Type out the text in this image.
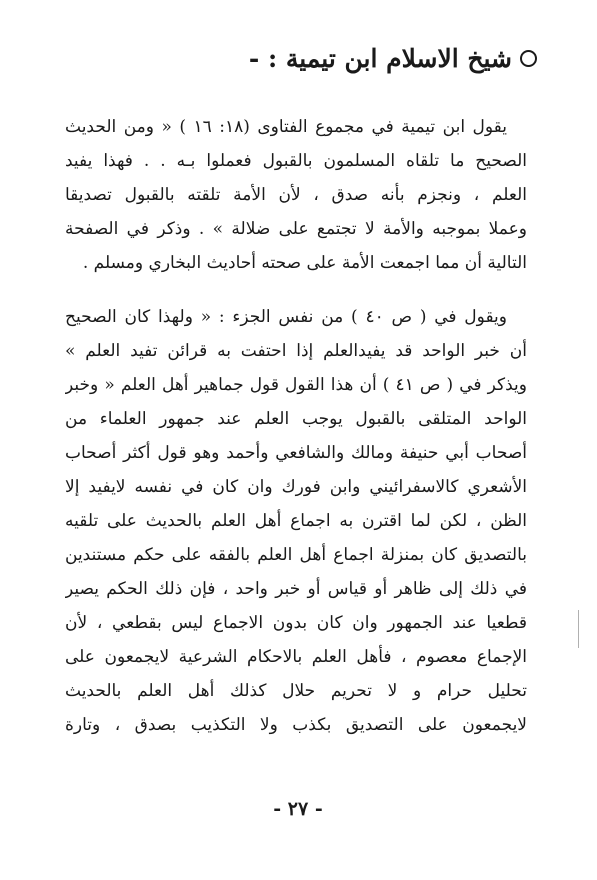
شيخ الاسلام ابن تيمية : -
يقول ابن تيمية في مجموع الفتاوى (١٨: ١٦ ) « ومن الحديث
الصحيح ما تلقاه المسلمون بالقبول فعملوا بـه . . فهذا يفيد
العلم ، ونجزم بأنه صدق ، لأن الأمة تلقته بالقبول تصديقا
وعملا بموجبه والأمة لا تجتمع على ضلالة » . وذكر في الصفحة
التالية أن مما اجمعت الأمة على صحته أحاديث البخاري ومسلم .
ويقول في ( ص ٤٠ ) من نفس الجزء : « ولهذا كان الصحيح
أن خبر الواحد قد يفيدالعلم إذا احتفت به قرائن تفيد العلم »
ويذكر في ( ص ٤١ ) أن هذا القول قول جماهير أهل العلم « وخبر
الواحد المتلقى بالقبول يوجب العلم عند جمهور العلماء من
أصحاب أبي حنيفة ومالك والشافعي وأحمد وهو قول أكثر أصحاب
الأشعري كالاسفرائيني وابن فورك وان كان في نفسه لايفيد إلا
الظن ، لكن لما اقترن به اجماع أهل العلم بالحديث على تلقيه
بالتصديق كان بمنزلة اجماع أهل العلم بالفقه على حكم مستندين
في ذلك إلى ظاهر أو قياس أو خبر واحد ، فإن ذلك الحكم يصير
قطعيا عند الجمهور وان كان بدون الاجماع ليس بقطعي ، لأن
الإجماع معصوم ، فأهل العلم بالاحكام الشرعية لايجمعون على
تحليل حرام و لا تحريم حلال كذلك أهل العلم بالحديث
لايجمعون على التصديق بكذب ولا التكذيب بصدق ، وتارة
- ٢٧ -
